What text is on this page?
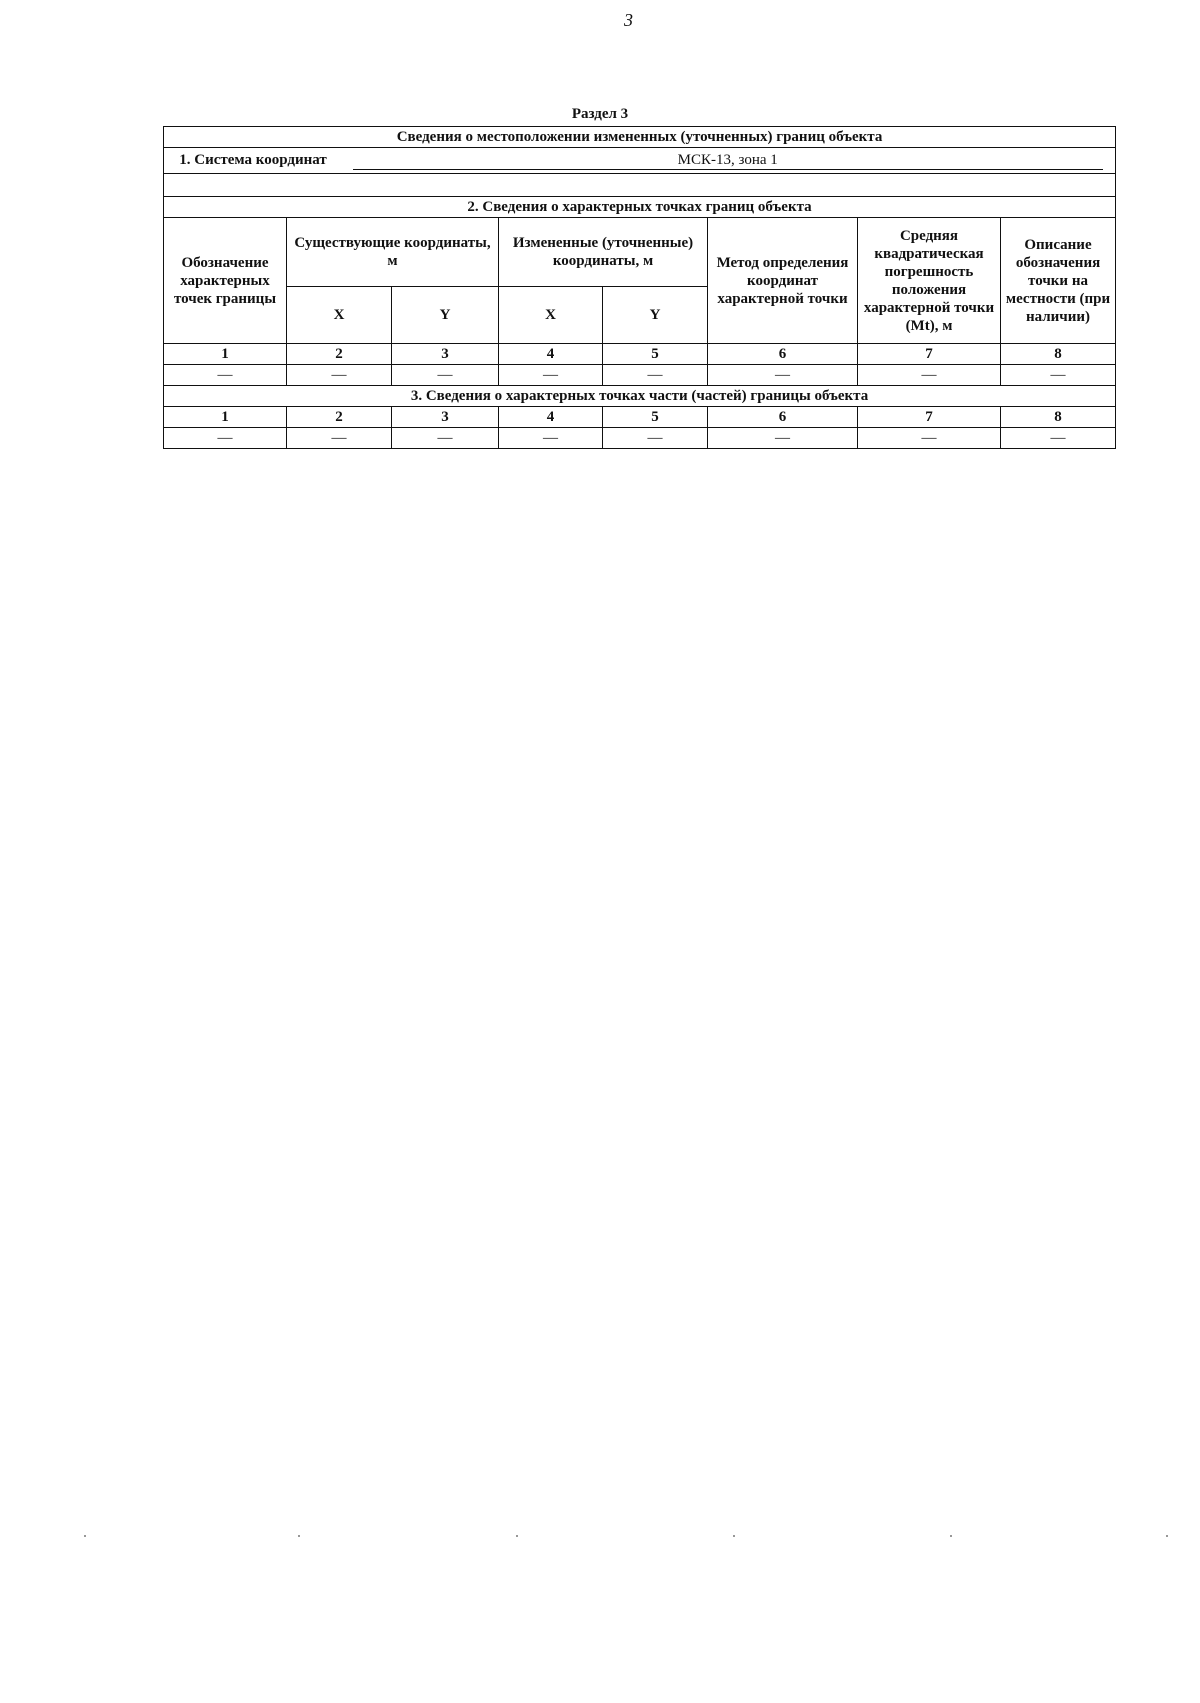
3
Раздел 3
Сведения о местоположении измененных (уточненных) границ объекта							
1. Система координат МСК-13, зона 1							

2. Сведения о характерных точках границ объекта							
Обозначение характерных точек границы	Существующие координаты, м		Измененные (уточненные) координаты, м		Метод определения координат характерной точки	Средняя квадратическая погрешность положения характерной точки (Mt), м	Описание обозначения точки на местности (при наличии)
	X	Y	X	Y			
1	2	3	4	5	6	7	8
—	—	—	—	—	—	—	—
3. Сведения о характерных точках части (частей) границы объекта							
1	2	3	4	5	6	7	8
—	—	—	—	—	—	—	—
